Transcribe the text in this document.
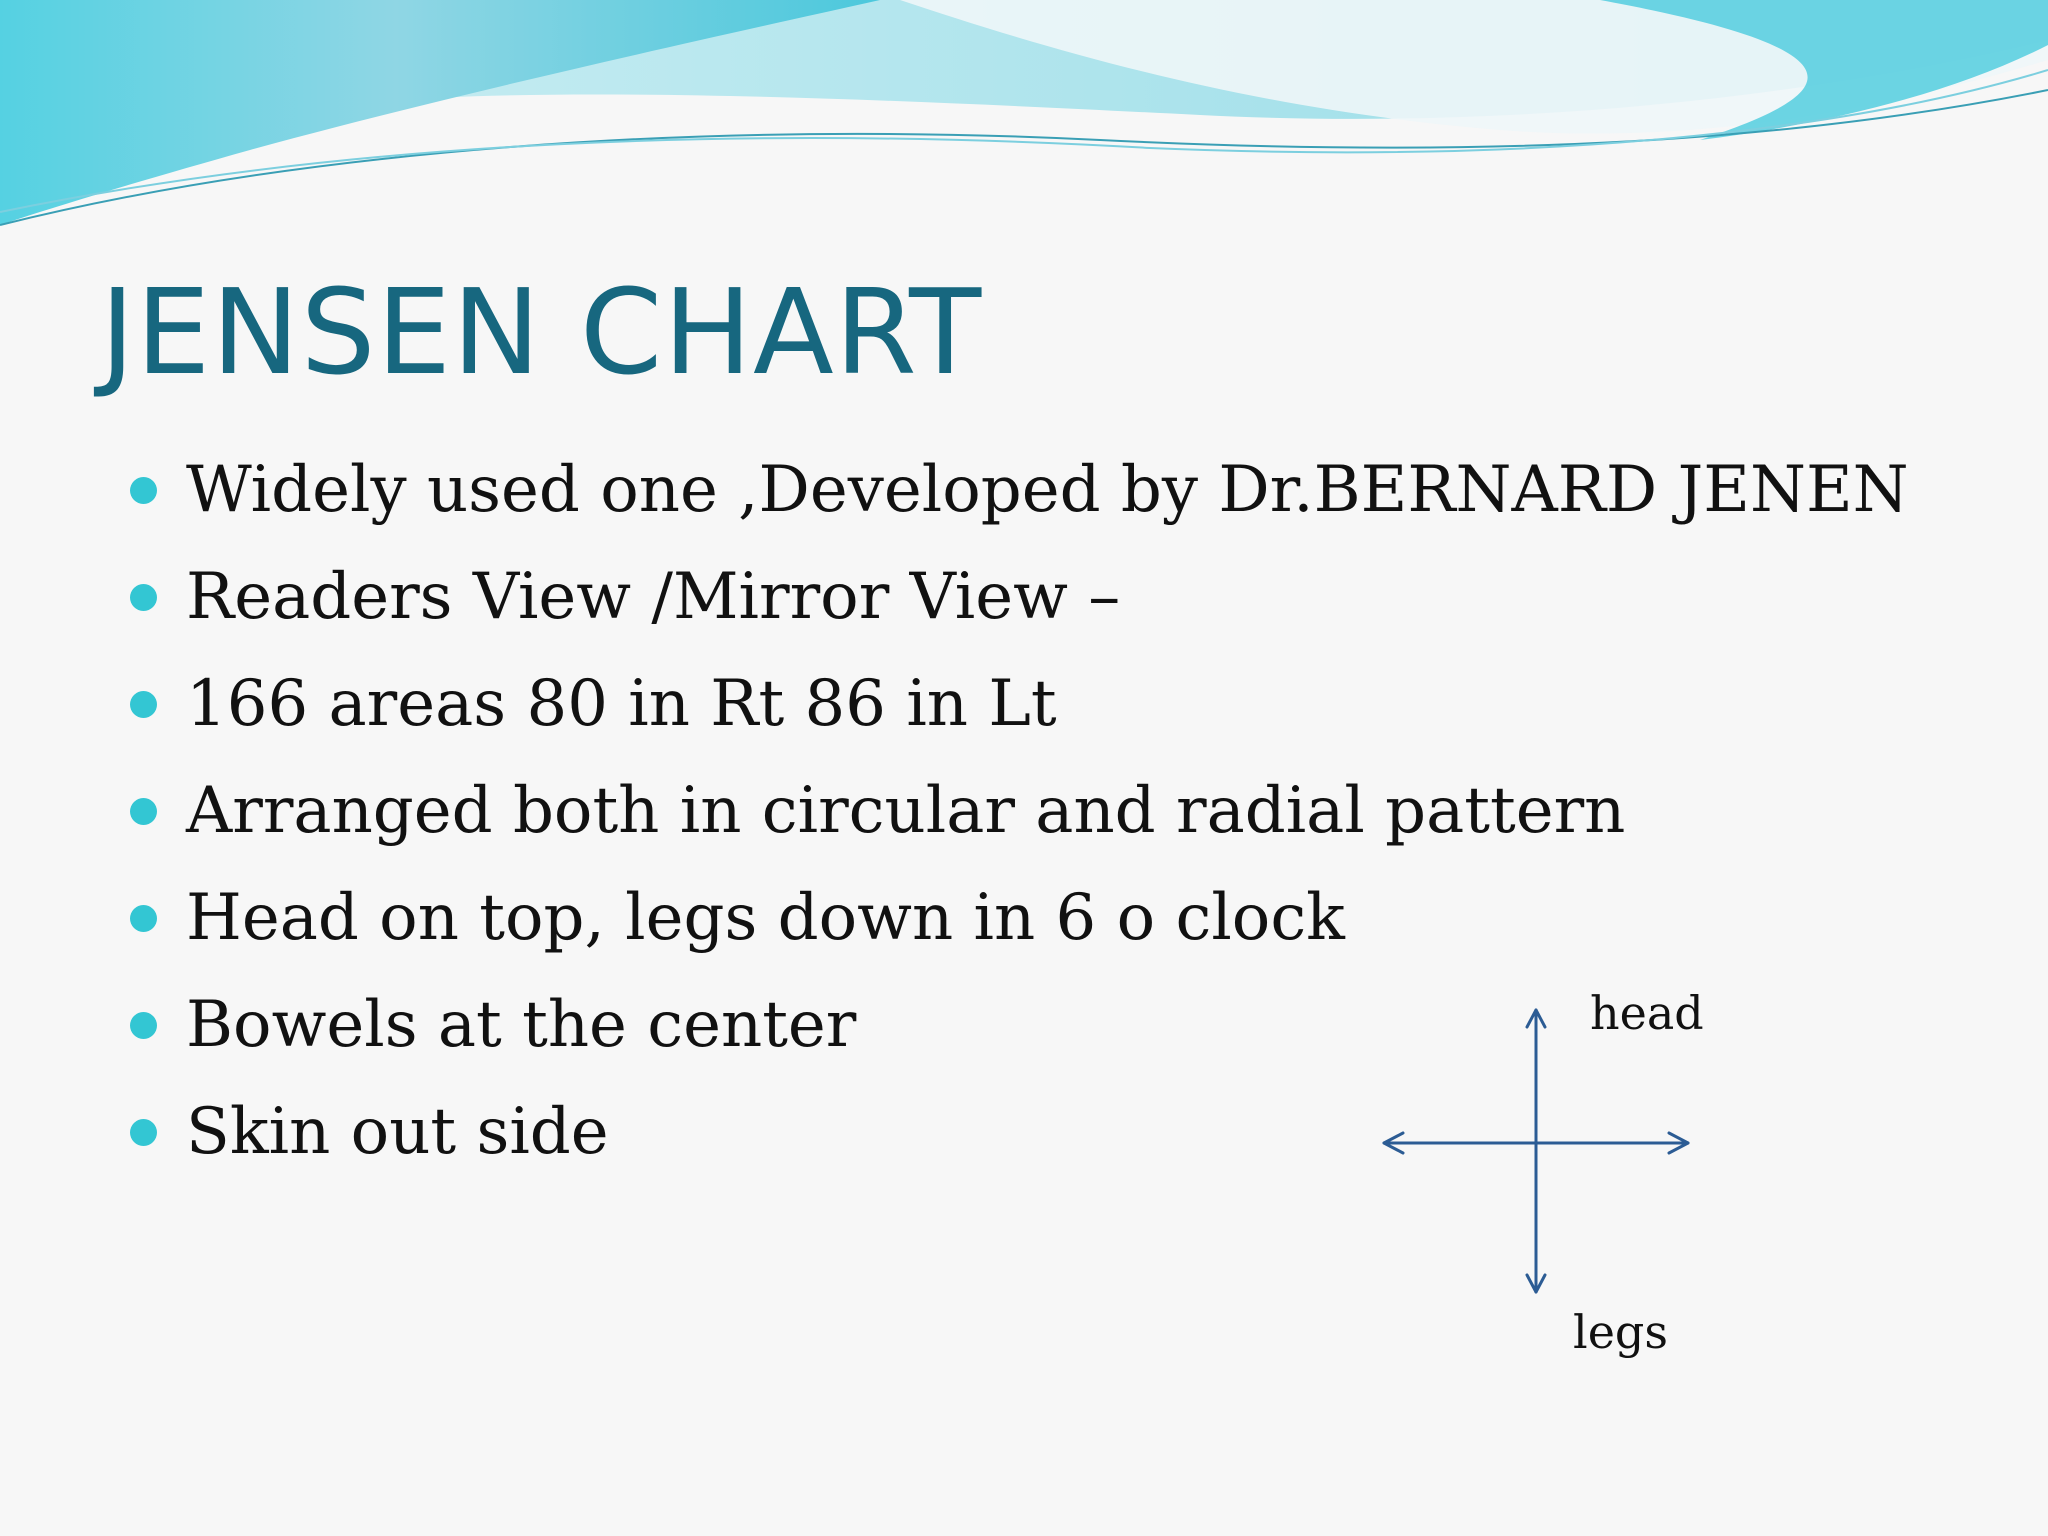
JENSEN CHART
Widely used one ,Developed by Dr.BERNARD JENEN
Readers View /Mirror View –
166 areas 80 in Rt 86 in Lt
Arranged both in circular and radial pattern
Head on top, legs down in 6 o clock
Bowels at the center
Skin out side
head
legs
